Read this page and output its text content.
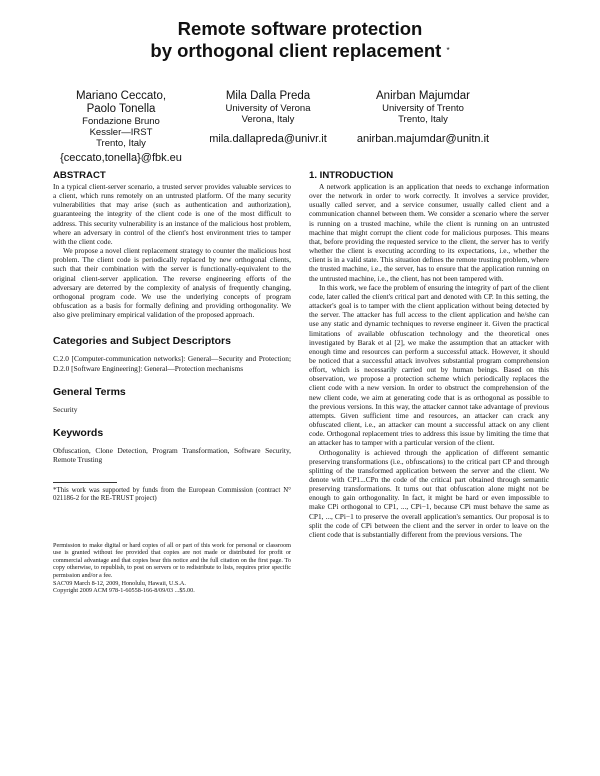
Remote software protection
by orthogonal client replacement *
Mariano Ceccato,
Paolo Tonella
Fondazione Bruno
Kessler—IRST
Trento, Italy
{ceccato,tonella}@fbk.eu
Mila Dalla Preda
University of Verona
Verona, Italy
mila.dallapreda@univr.it
Anirban Majumdar
University of Trento
Trento, Italy
anirban.majumdar@unitn.it
ABSTRACT

In a typical client-server scenario, a trusted server provides valuable services to a client, which runs remotely on an untrusted platform. Of the many security vulnerabilities that may arise (such as authentication and authorization), guaranteeing the integrity of the client code is one of the most difficult to address. This security vulnerability is an instance of the malicious host problem, where an adversary in control of the client's host environment tries to tamper with the client code.

We propose a novel client replacement strategy to counter the malicious host problem. The client code is periodically replaced by new orthogonal clients, such that their combination with the server is functionally-equivalent to the original client-server application. The reverse engineering efforts of the adversary are deterred by the complexity of analysis of frequently changing, orthogonal program code. We use the underlying concepts of program obfuscation as a basis for formally defining and providing orthogonality. We also give preliminary empirical validation of the proposed approach.

Categories and Subject Descriptors

C.2.0 [Computer-communication networks]: General—Security and Protection; D.2.0 [Software Engineering]: General—Protection mechanisms

General Terms

Security

Keywords

Obfuscation, Clone Detection, Program Transformation, Software Security, Remote Trusting

*This work was supported by funds from the European Commission (contract N° 021186-2 for the RE-TRUST project)

Permission to make digital or hard copies of all or part of this work for personal or classroom use is granted without fee provided that copies are not made or distributed for profit or commercial advantage and that copies bear this notice and the full citation on the first page. To copy otherwise, to republish, to post on servers or to redistribute to lists, requires prior specific permission and/or a fee.

SAC'09 March 8-12, 2009, Honolulu, Hawaii, U.S.A.

Copyright 2009 ACM 978-1-60558-166-8/09/03 ...$5.00.

1. INTRODUCTION

A network application is an application that needs to exchange information over the network in order to work correctly. It involves a service provider, usually called server, and a service consumer, usually called client and a communication channel between them. We consider a scenario where the server is running on a trusted machine, while the client is running on an untrusted machine that might corrupt the client code for malicious purposes. This means that, before providing the requested service to the client, the server has to verify whether the client is executing according to its expectations, i.e., whether the client is in a valid state. This situation defines the remote trusting problem, where the trusted machine, i.e., the server, has to ensure that the application running on the untrusted machine, i.e., the client, has not been tampered with.

In this work, we face the problem of ensuring the integrity of part of the client code, later called the client's critical part and denoted with CP. In this setting, the attacker's goal is to tamper with the client application without being detected by the server. The attacker has full access to the client application and he/she can use any static and dynamic techniques to reverse engineer it. Given the practical limitations of available obfuscation technology and the theoretical ones investigated by Barak et al [2], we make the assumption that an attacker with enough time and resources can perform a successful attack. However, it should be noticed that a successful attack involves substantial program comprehension effort, which is necessarily carried out by human beings. Based on this observation, we propose a protection scheme which periodically replaces the client code with a new version. In order to obstruct the comprehension of the new client code, we aim at generating code that is as orthogonal as possible to the previous versions. In this way, the attacker cannot take advantage of previous attempts. Given sufficient time and resources, an attacker can crack any obfuscated client, i.e., an attacker can mount a successful attack on any client code. Orthogonal replacement tries to address this issue by limiting the time that an attacker has to tamper with a particular version of the client.

Orthogonality is achieved through the application of different semantic preserving transformations (i.e., obfuscations) to the critical part CP and through splitting of the transformed application between the server and the client. We denote with CP1...CPn the code of the critical part obtained through semantic preserving transformations. It turns out that obfuscation alone might not be enough to gain orthogonality. In fact, it might be hard or even impossible to make CPi orthogonal to CP1, ..., CPi−1, because CPi must behave the same as CP1, ..., CPi−1 to preserve the overall application's semantics. Our proposal is to split the code of CPi between the client and the server in order to leave on the client code that is substantially different from the previous versions. The
